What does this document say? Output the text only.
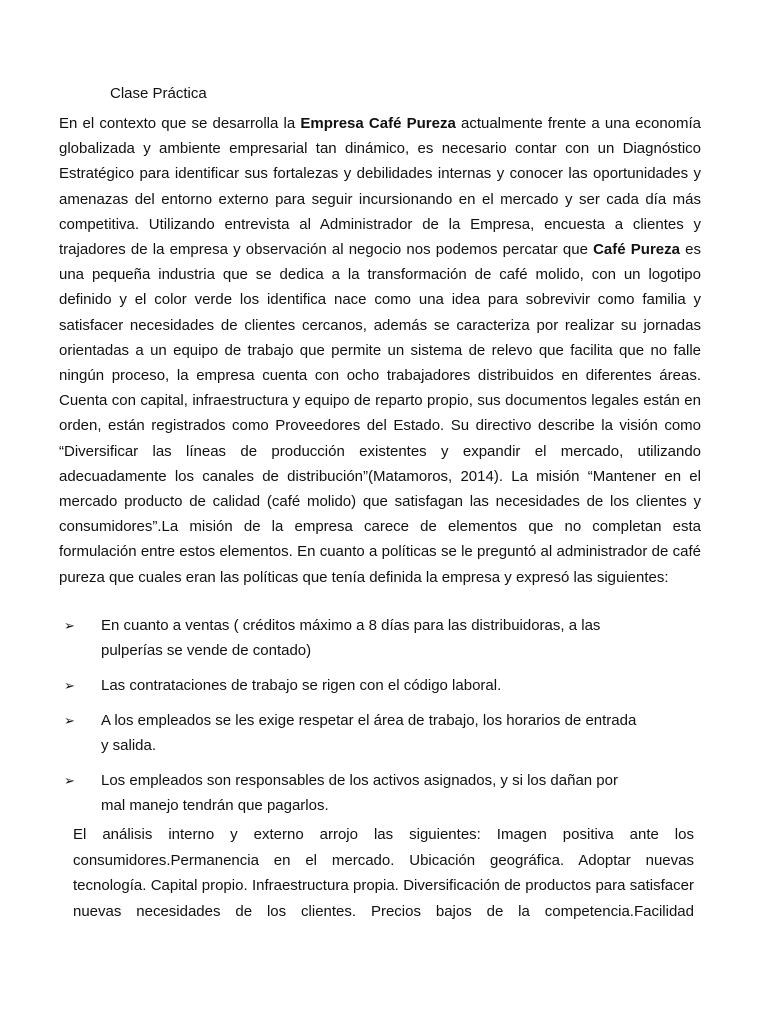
Clase Práctica

En el contexto que se desarrolla la Empresa Café Pureza actualmente frente a una economía globalizada y ambiente empresarial tan dinámico, es necesario contar con un Diagnóstico Estratégico para identificar sus fortalezas y debilidades internas y conocer las oportunidades y amenazas del entorno externo para seguir incursionando en el mercado y ser cada día más competitiva. Utilizando entrevista al Administrador de la Empresa, encuesta a clientes y trajadores de la empresa y observación al negocio nos podemos percatar que Café Pureza es una pequeña industria que se dedica a la transformación de café molido, con un logotipo definido y el color verde los identifica nace como una idea para sobrevivir como familia y satisfacer necesidades de clientes cercanos, además se caracteriza por realizar su jornadas orientadas a un equipo de trabajo que permite un sistema de relevo que facilita que no falle ningún proceso, la empresa cuenta con ocho trabajadores distribuidos en diferentes áreas. Cuenta con capital, infraestructura y equipo de reparto propio, sus documentos legales están en orden, están registrados como Proveedores del Estado. Su directivo describe la visión como “Diversificar las líneas de producción existentes y expandir el mercado, utilizando adecuadamente los canales de distribución”(Matamoros, 2014). La misión “Mantener en el mercado producto de calidad (café molido) que satisfagan las necesidades de los clientes y consumidores”.La misión de la empresa carece de elementos que no completan esta formulación entre estos elementos. En cuanto a políticas se le preguntó al administrador de café pureza que cuales eran las políticas que tenía definida la empresa y expresó las siguientes:

➢ En cuanto a ventas ( créditos máximo a 8 días para las distribuidoras, a las
pulperías se vende de contado)
➢ Las contrataciones de trabajo se rigen con el código laboral.
➢ A los empleados se les exige respetar el área de trabajo, los horarios de entrada
y salida.
➢ Los empleados son responsables de los activos asignados, y si los dañan por
mal manejo tendrán que pagarlos.

El análisis interno y externo arrojo las siguientes: Imagen positiva ante los consumidores.Permanencia en el mercado. Ubicación geográfica. Adoptar nuevas tecnología. Capital propio. Infraestructura propia. Diversificación de productos para satisfacer nuevas necesidades de los clientes. Precios bajos de la competencia.Facilidad
